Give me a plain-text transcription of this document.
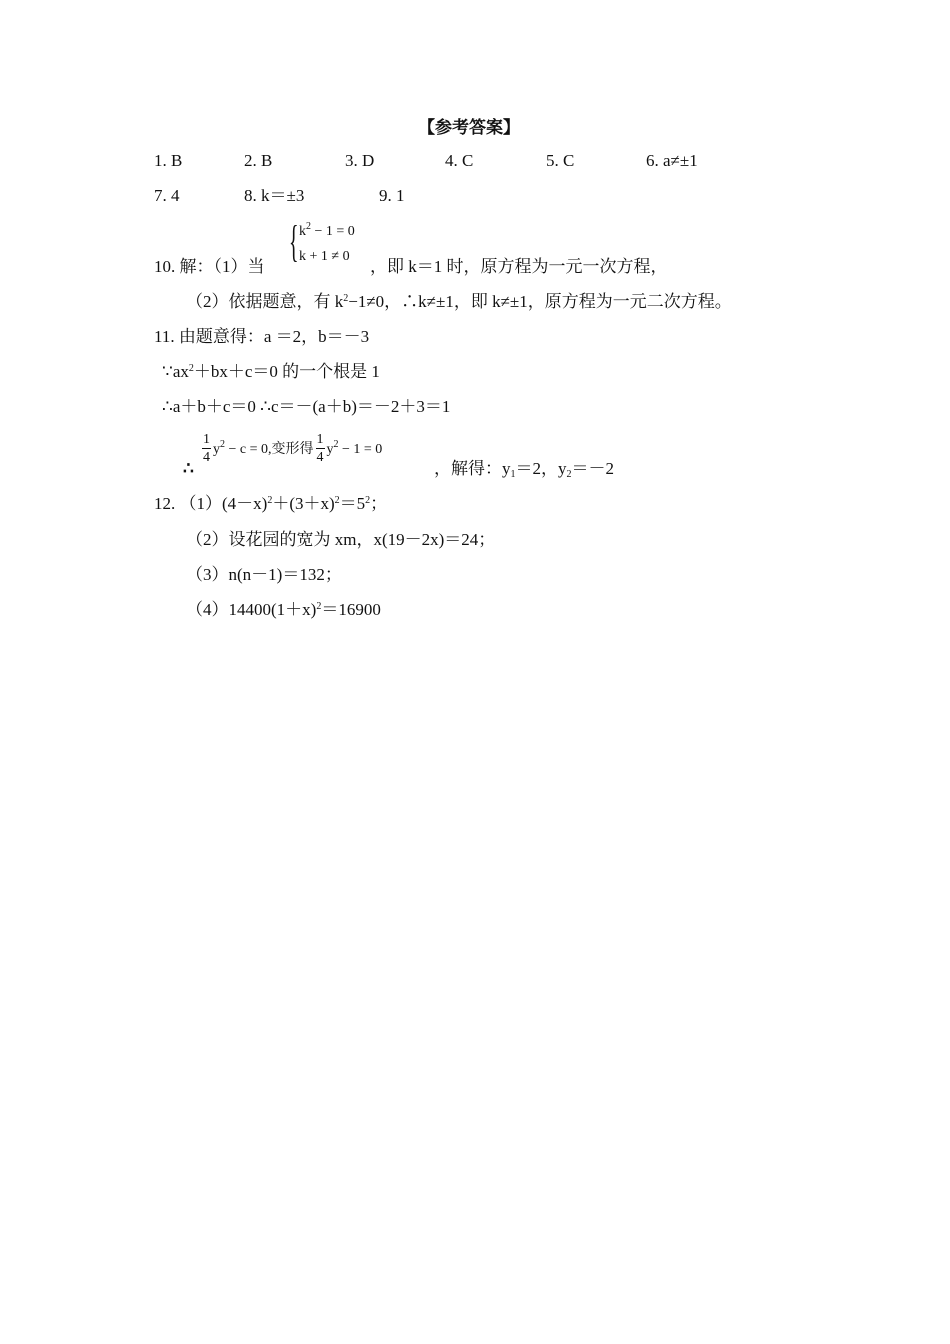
【参考答案】
1. B	2. B	3. D	4. C	5. C	6. a≠±1
7. 4	8. k＝±3	9. 1
{ $k^2 - 1 = 0$
k + 1 ≠ 0
10. 解：（1）当	，即 k＝1 时，原方程为一元一次方程，
（2）依据题意，有 $k^2-1\ne 0$，∴k≠±1，即 k≠±1，原方程为一元二次方程。
11. 由题意得：a ＝2，b＝－3
$\because ax^2+bx+c=0$ 的一个根是 1
∴a＋b＋c＝0 ∴c＝－(a＋b)＝－2＋3＝1
∴
$\frac{1}{4} y^2 - c = 0$,变形得 $\frac{1}{4} y^2 - 1 = 0$
，解得：$y_1=2$，$y_2=-2$
12. $(1)(4-x)^2+(3+x)^2=5^2$；
（2）设花园的宽为 xm，x(19－2x)＝24；
（3）n(n－1)＝132；
$(4)14400(1+x)^2=16900$
